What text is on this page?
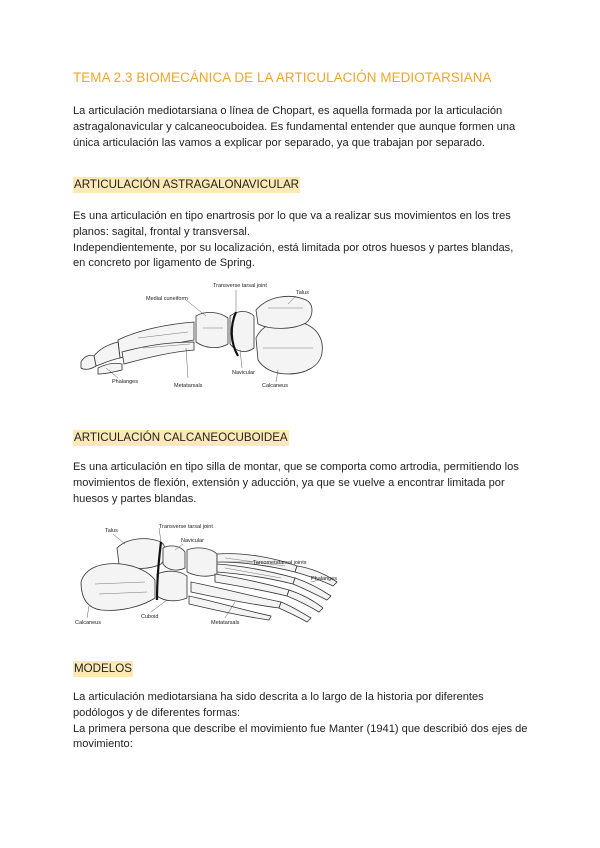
TEMA 2.3 BIOMECÁNICA DE LA ARTICULACIÓN MEDIOTARSIANA

La articulación mediotarsiana o línea de Chopart, es aquella formada por la articulación
astragalonavicular y calcaneocuboidea. Es fundamental entender que aunque formen una
única articulación las vamos a explicar por separado, ya que trabajan por separado.

ARTICULACIÓN ASTRAGALONAVICULAR

Es una articulación en tipo enartrosis por lo que va a realizar sus movimientos en los tres
planos: sagital, frontal y transversal.
Independientemente, por su localización, está limitada por otros huesos y partes blandas,
en concreto por ligamento de Spring.

Transverse tarsal joint
Talus
Medial cuneiform
Navicular
Phalanges
Metatarsals	Calcaneus
ARTICULACIÓN CALCANEOCUBOIDEA

Es una articulación en tipo silla de montar, que se comporta como artrodia, permitiendo los
movimientos de flexión, extensión y aducción, ya que se vuelve a encontrar limitada por
huesos y partes blandas.

Talus
Transverse tarsal joint
Navicular
Tarsometatarsal joints
Phalanges
Calcaneus
Cuboid
Metatarsals
MODELOS

La articulación mediotarsiana ha sido descrita a lo largo de la historia por diferentes
podólogos y de diferentes formas:
La primera persona que describe el movimiento fue Manter (1941) que describió dos ejes de
movimiento:
